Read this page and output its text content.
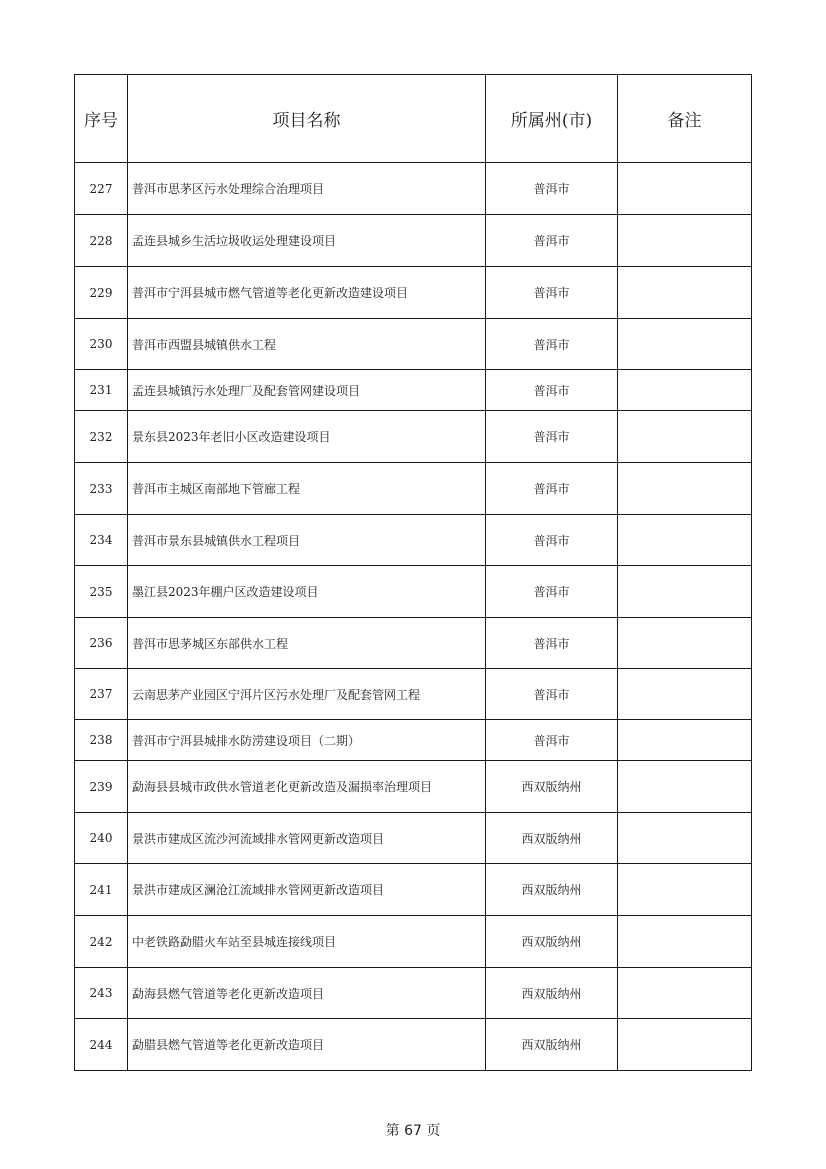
序号	项目名称	所属州(市)	备注
227	普洱市思茅区污水处理综合治理项目	普洱市	
228	孟连县城乡生活垃圾收运处理建设项目	普洱市	
229	普洱市宁洱县城市燃气管道等老化更新改造建设项目	普洱市	
230	普洱市西盟县城镇供水工程	普洱市	
231	孟连县城镇污水处理厂及配套管网建设项目	普洱市	
232	景东县2023年老旧小区改造建设项目	普洱市	
233	普洱市主城区南部地下管廊工程	普洱市	
234	普洱市景东县城镇供水工程项目	普洱市	
235	墨江县2023年棚户区改造建设项目	普洱市	
236	普洱市思茅城区东部供水工程	普洱市	
237	云南思茅产业园区宁洱片区污水处理厂及配套管网工程	普洱市	
238	普洱市宁洱县城排水防涝建设项目（二期）	普洱市	
239	勐海县县城市政供水管道老化更新改造及漏损率治理项目	西双版纳州	
240	景洪市建成区流沙河流域排水管网更新改造项目	西双版纳州	
241	景洪市建成区澜沧江流域排水管网更新改造项目	西双版纳州	
242	中老铁路勐腊火车站至县城连接线项目	西双版纳州	
243	勐海县燃气管道等老化更新改造项目	西双版纳州	
244	勐腊县燃气管道等老化更新改造项目	西双版纳州	
第 67 页
